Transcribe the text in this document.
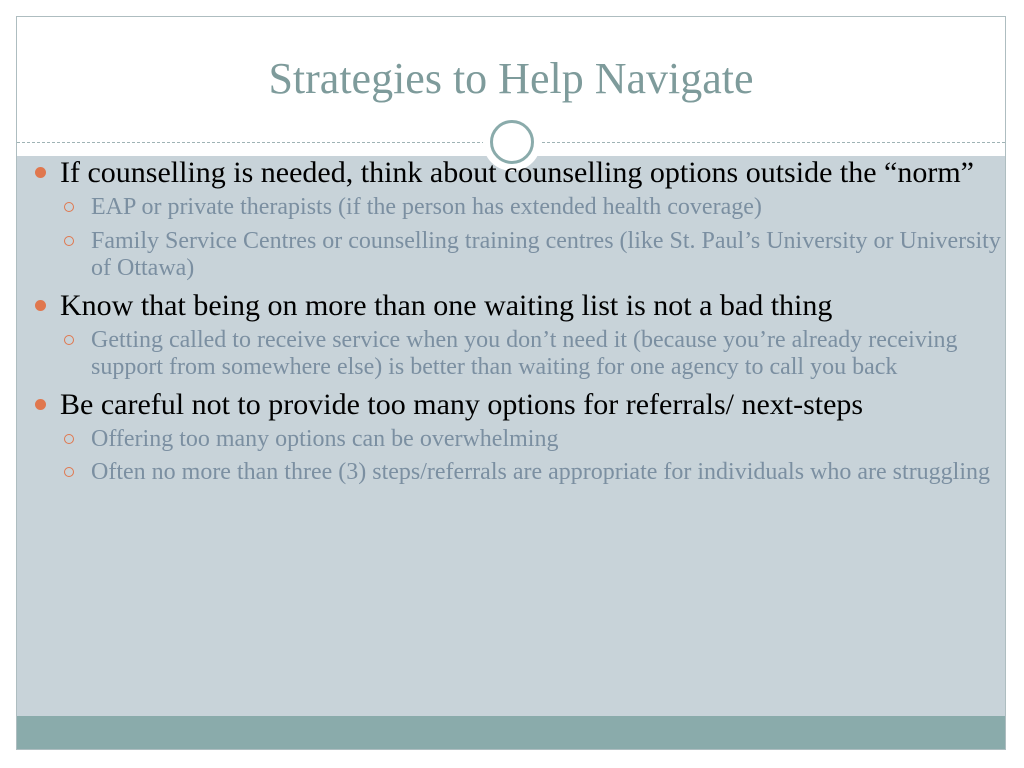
Strategies to Help Navigate
If counselling is needed, think about counselling options outside the “norm”
EAP or private therapists (if the person has extended health coverage)
Family Service Centres or counselling training centres (like St. Paul’s University or University of Ottawa)
Know that being on more than one waiting list is not a bad thing
Getting called to receive service when you don’t need it (because you’re already receiving support from somewhere else) is better than waiting for one agency to call you back
Be careful not to provide too many options for referrals/ next-steps
Offering too many options can be overwhelming
Often no more than three (3) steps/referrals are appropriate for individuals who are struggling
